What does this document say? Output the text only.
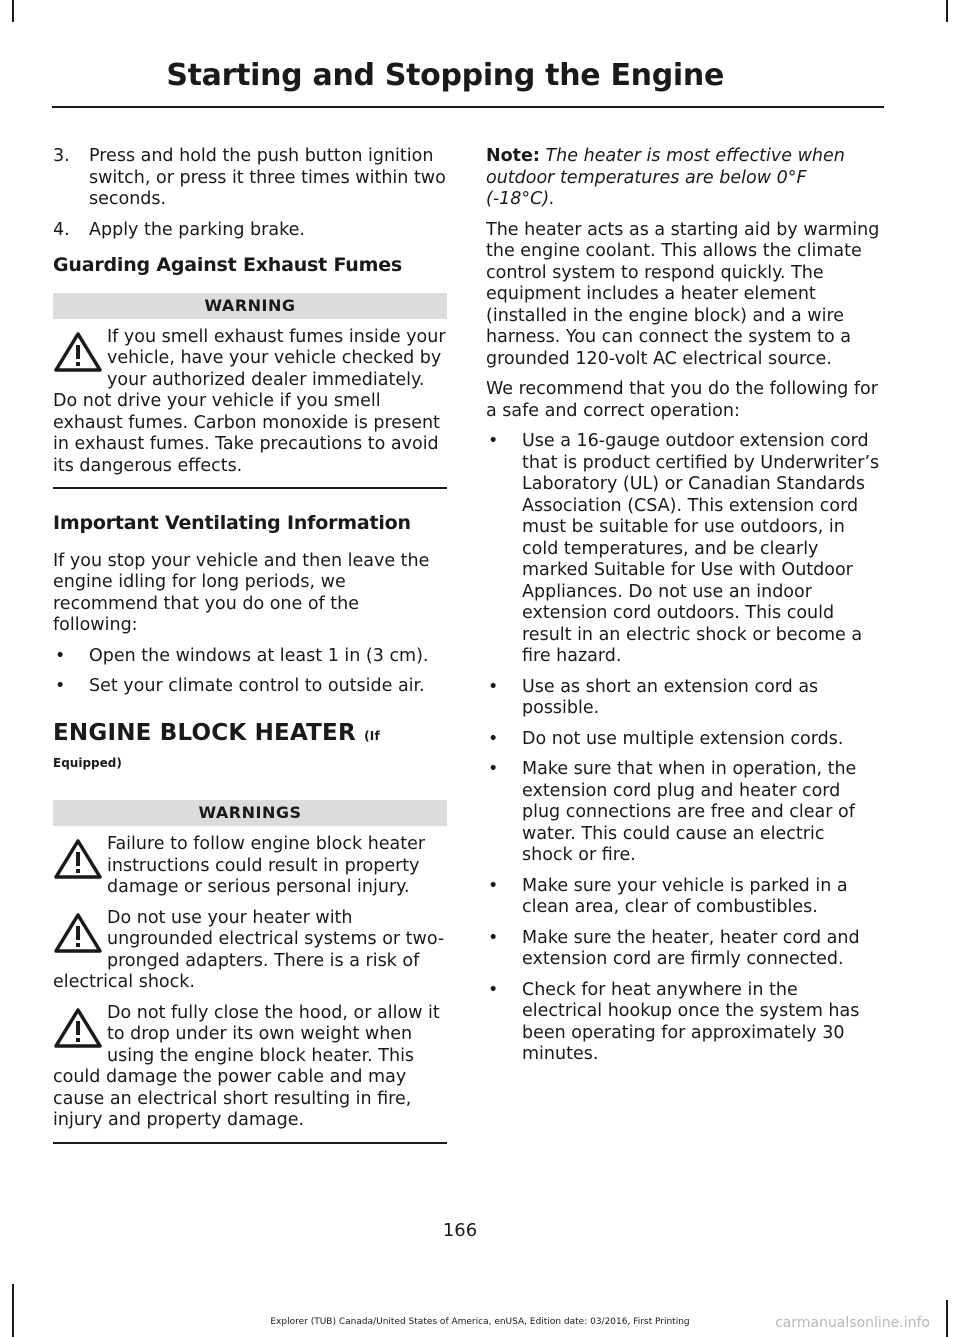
Starting and Stopping the Engine
3. Press and hold the push button ignition switch, or press it three times within two seconds.
4. Apply the parking brake.
Guarding Against Exhaust Fumes
WARNING
If you smell exhaust fumes inside your vehicle, have your vehicle checked by your authorized dealer immediately. Do not drive your vehicle if you smell exhaust fumes. Carbon monoxide is present in exhaust fumes. Take precautions to avoid its dangerous effects.
Important Ventilating Information

If you stop your vehicle and then leave the engine idling for long periods, we recommend that you do one of the following:

• Open the windows at least 1 in (3 cm).
• Set your climate control to outside air.
ENGINE BLOCK HEATER (If
Equipped)
WARNINGS
Failure to follow engine block heater instructions could result in property damage or serious personal injury.
Do not use your heater with ungrounded electrical systems or two-pronged adapters. There is a risk of electrical shock.
Do not fully close the hood, or allow it to drop under its own weight when using the engine block heater. This could damage the power cable and may cause an electrical short resulting in fire, injury and property damage.

Note: The heater is most effective when outdoor temperatures are below 0°F (-18°C).

The heater acts as a starting aid by warming the engine coolant. This allows the climate control system to respond quickly. The equipment includes a heater element (installed in the engine block) and a wire harness. You can connect the system to a grounded 120-volt AC electrical source.

We recommend that you do the following for a safe and correct operation:

• Use a 16-gauge outdoor extension cord that is product certified by Underwriter’s Laboratory (UL) or Canadian Standards Association (CSA). This extension cord must be suitable for use outdoors, in cold temperatures, and be clearly marked Suitable for Use with Outdoor Appliances. Do not use an indoor extension cord outdoors. This could result in an electric shock or become a fire hazard.
• Use as short an extension cord as possible.
• Do not use multiple extension cords.
• Make sure that when in operation, the extension cord plug and heater cord plug connections are free and clear of water. This could cause an electric shock or fire.
• Make sure your vehicle is parked in a clean area, clear of combustibles.
• Make sure the heater, heater cord and extension cord are firmly connected.
• Check for heat anywhere in the electrical hookup once the system has been operating for approximately 30 minutes.
166
Explorer (TUB) Canada/United States of America, enUSA, Edition date: 03/2016, First Printing	carmanualsonline.info
